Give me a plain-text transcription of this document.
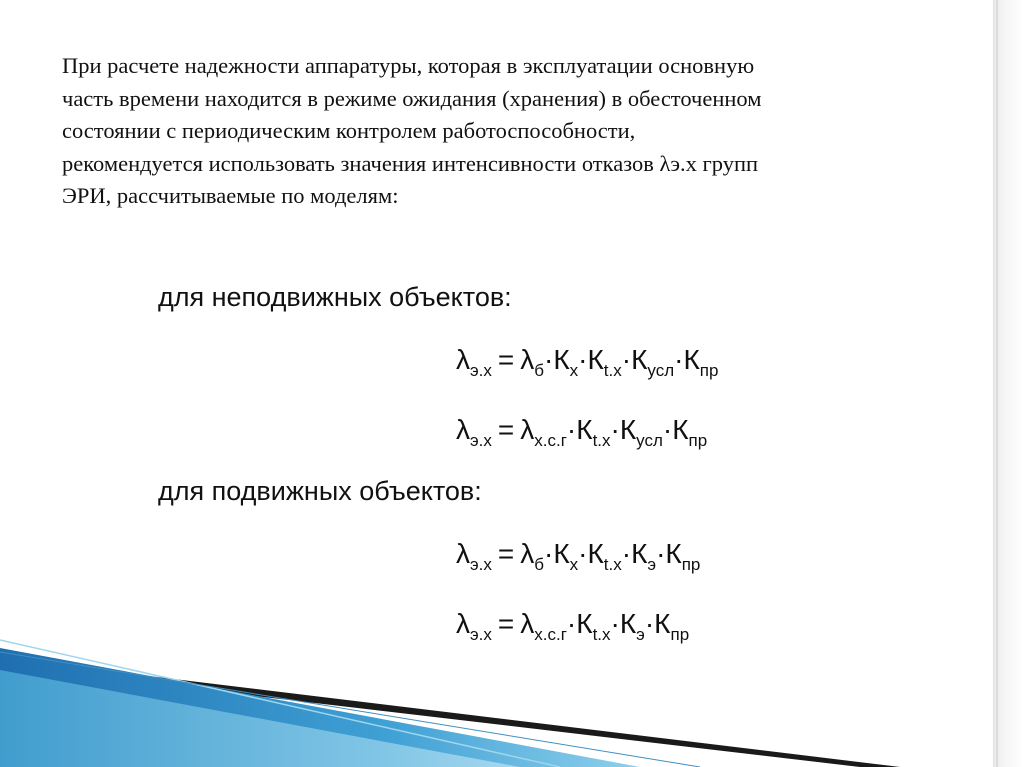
При расчете надежности аппаратуры, которая в эксплуатации основную
часть времени находится в режиме ожидания (хранения) в обесточенном
состоянии с периодическим контролем работоспособности,
рекомендуется использовать значения интенсивности отказов λэ.х групп
ЭРИ, рассчитываемые по моделям:

для неподвижных объектов:
$\lambda_{э.х} = \lambda_б\cdot К_х\cdot К_{t.х}\cdot К_{усл}\cdot К_{пр}$
$\lambda_{э.х} = \lambda_{х.с.г}\cdot К_{t.х}\cdot К_{усл}\cdot К_{пр}$
для подвижных объектов:
$\lambda_{э.х} = \lambda_б\cdot К_х\cdot К_{t.х}\cdot К_э\cdot К_{пр}$
$\lambda_{э.х} = \lambda_{х.с.г}\cdot К_{t.х}\cdot К_э\cdot К_{пр}$
